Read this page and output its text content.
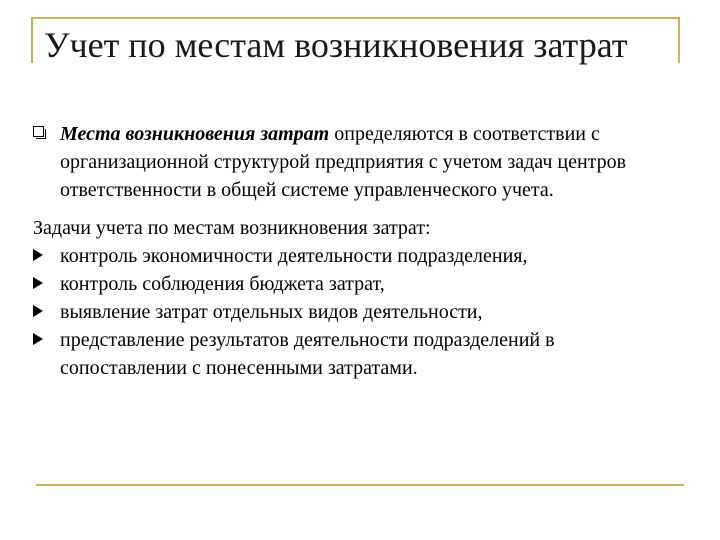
Учет по местам возникновения затрат
Места возникновения затрат определяются в соответствии с организационной структурой предприятия с учетом задач центров ответственности в общей системе управленческого учета.

Задачи учета по местам возникновения затрат:

контроль экономичности деятельности подразделения,
контроль соблюдения бюджета затрат,
выявление затрат отдельных видов деятельности,
представление результатов деятельности подразделений в сопоставлении с понесенными затратами.
